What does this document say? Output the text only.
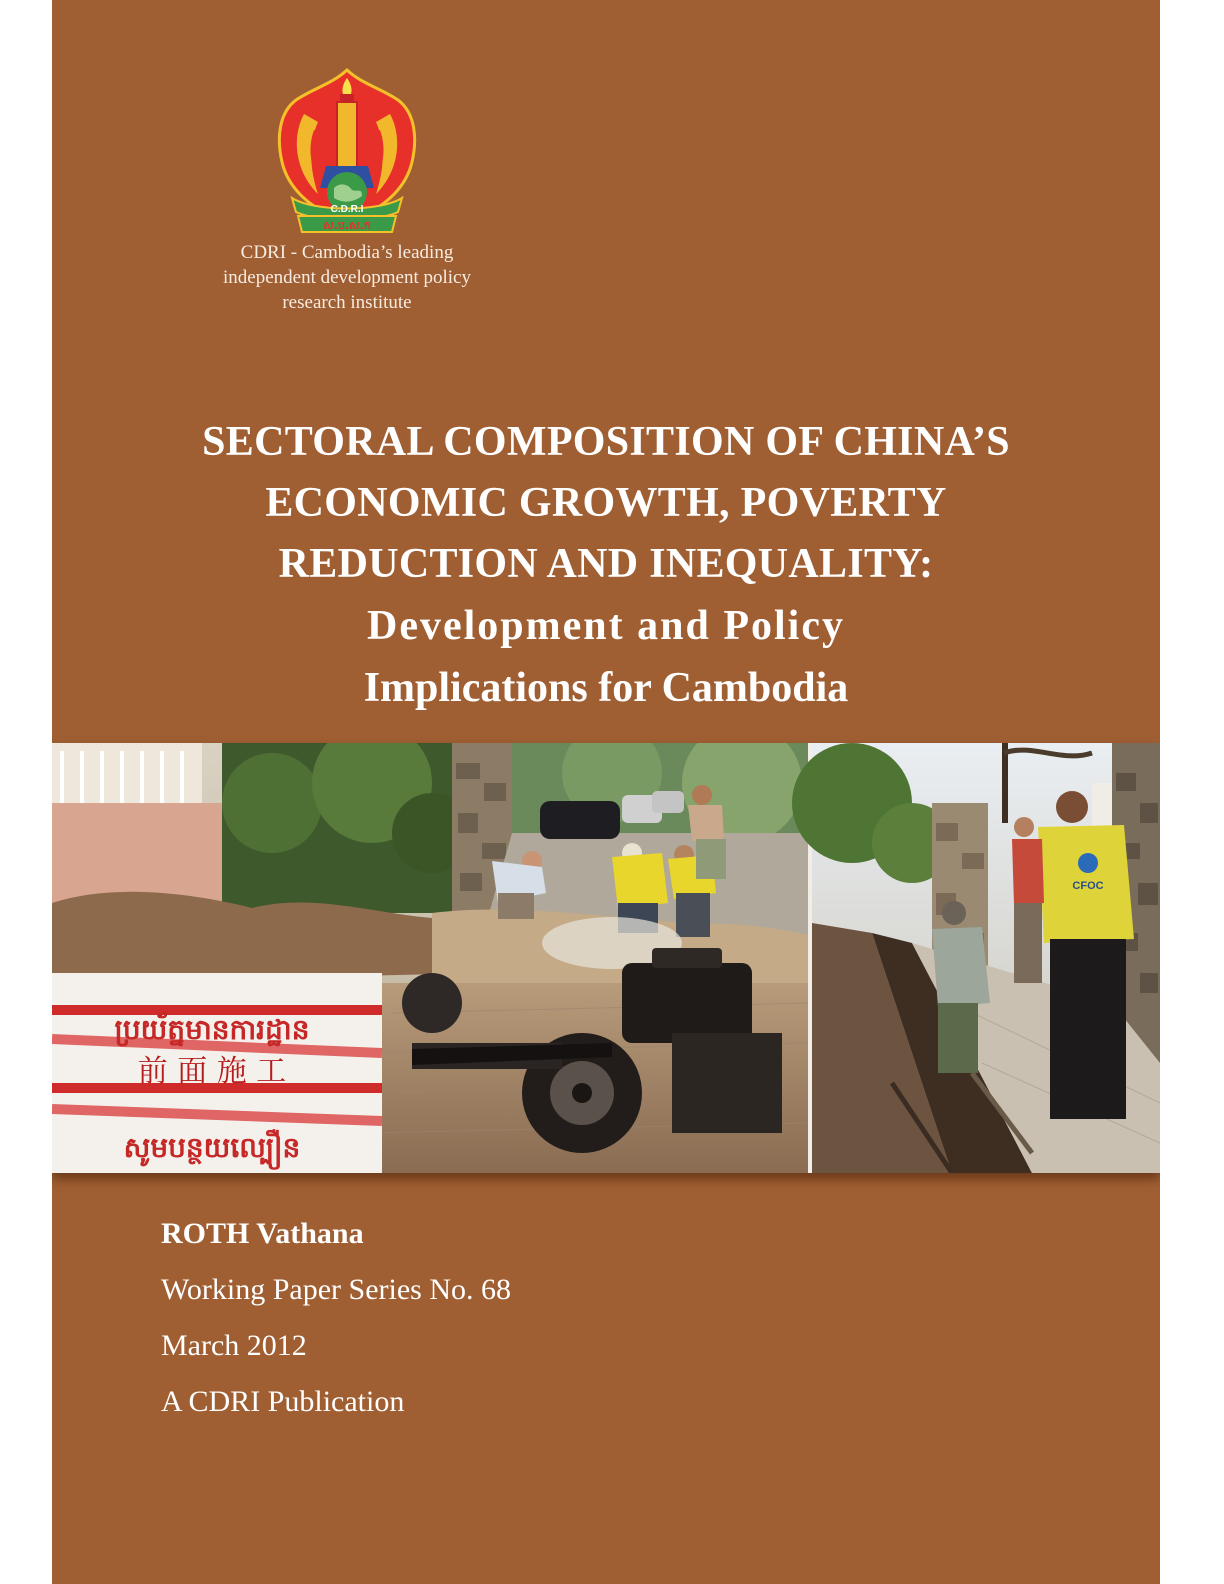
C.D.R.I
ស.ប.ស.ក
CDRI - Cambodia’s leading
independent development policy
research institute
SECTORAL COMPOSITION OF CHINA’S
ECONOMIC GROWTH, POVERTY
REDUCTION AND INEQUALITY:
Development and Policy
Implications for Cambodia
ប្រយ័ត្នមានការដ្ឋាន
前 面 施 工
សូមបន្ថយល្បឿន
CFOC
ROTH Vathana
Working Paper Series No. 68
March 2012
A CDRI Publication
